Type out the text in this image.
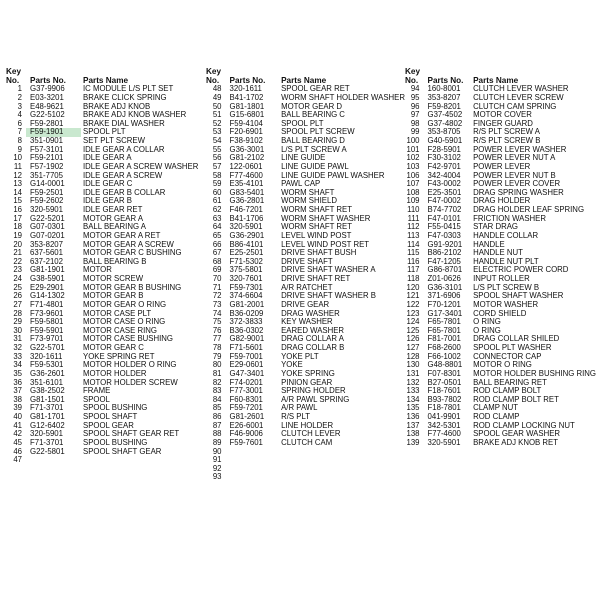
Key		
No.	Parts No.	Parts Name
1	G37-9906	IC MODULE L/S PLT SET
2	E03-3201	BRAKE CLICK SPRING
3	E48-9621	BRAKE ADJ KNOB
4	G22-5102	BRAKE ADJ KNOB WASHER
6	F59-2801	BRAKE DIAL WASHER
7	F59-1901	SPOOL PLT
8	351-0901	SET PLT SCREW
9	F57-3101	IDLE GEAR A COLLAR
10	F59-2101	IDLE GEAR A
11	F57-1902	IDLE GEAR A SCREW WASHER
12	351-7705	IDLE GEAR A SCREW
13	G14-0001	IDLE GEAR C
14	F59-2501	IDLE GEAR B COLLAR
15	F59-2602	IDLE GEAR B
16	320-5901	IDLE GEAR RET
17	G22-5201	MOTOR GEAR A
18	G07-0301	BALL BEARING A
19	G07-0201	MOTOR GEAR A RET
20	353-8207	MOTOR GEAR A SCREW
21	637-5601	MOTOR GEAR C BUSHING
22	637-2102	BALL BEARING B
23	G81-1901	MOTOR
24	G38-5901	MOTOR SCREW
25	E29-2901	MOTOR GEAR B BUSHING
26	G14-1302	MOTOR GEAR B
27	F71-4801	MOTOR GEAR O RING
28	F73-9601	MOTOR CASE PLT
29	F59-5801	MOTOR CASE O RING
30	F59-5901	MOTOR CASE RING
31	F73-9701	MOTOR CASE BUSHING
32	G22-5701	MOTOR GEAR C
33	320-1611	YOKE SPRING RET
34	F59-5301	MOTOR HOLDER O RING
35	G36-2601	MOTOR HOLDER
36	351-6101	MOTOR HOLDER SCREW
37	G38-2502	FRAME
38	G81-1501	SPOOL
39	F71-3701	SPOOL BUSHING
40	G81-1701	SPOOL SHAFT
41	G12-6402	SPOOL GEAR
42	320-5901	SPOOL SHAFT GEAR RET
45	F71-3701	SPOOL BUSHING
46	G22-5801	SPOOL SHAFT GEAR
47		
Key		
No.	Parts No.	Parts Name
48	320-1611	SPOOL GEAR RET
49	B41-1702	WORM SHAFT HOLDER WASHER
50	G81-1801	MOTOR GEAR D
51	G15-6801	BALL BEARING C
52	F59-4104	SPOOL PLT
53	F20-6901	SPOOL PLT SCREW
54	F38-9102	BALL BEARING D
55	G36-3001	L/S PLT SCREW A
56	G81-2102	LINE GUIDE
57	122-0601	LINE GUIDE PAWL
58	F77-4600	LINE GUIDE PAWL WASHER
59	E35-4101	PAWL CAP
60	G83-5401	WORM SHAFT
61	G36-2801	WORM SHIELD
62	F46-7201	WORM SHAFT RET
63	B41-1706	WORM SHAFT WASHER
64	320-5901	WORM SHAFT RET
65	G36-2901	LEVEL WIND POST
66	B86-4101	LEVEL WIND POST RET
67	E25-2501	DRIVE SHAFT BUSH
68	F71-5302	DRIVE SHAFT
69	375-5801	DRIVE SHAFT WASHER A
70	320-7601	DRIVE SHAFT RET
71	F59-7301	A/R RATCHET
72	374-6604	DRIVE SHAFT WASHER B
73	G81-2001	DRIVE GEAR
74	B36-0209	DRAG WASHER
75	372-3833	KEY WASHER
76	B36-0302	EARED WASHER
77	G82-9001	DRAG COLLAR A
78	F71-5601	DRAG COLLAR B
79	F59-7001	YOKE PLT
80	E29-0601	YOKE
81	G47-3401	YOKE SPRING
82	F74-0201	PINION GEAR
83	F77-3001	SPRING HOLDER
84	F60-8301	A/R PAWL SPRING
85	F59-7201	A/R PAWL
86	G81-2601	R/S PLT
87	E26-6001	LINE HOLDER
88	F46-9006	CLUTCH LEVER
89	F59-7601	CLUTCH CAM
90		
91		
92		
93		
Key		
No.	Parts No.	Parts Name
94	160-8001	CLUTCH LEVER WASHER
95	353-8207	CLUTCH LEVER SCREW
96	F59-8201	CLUTCH CAM SPRING
97	G37-4502	MOTOR COVER
98	G37-4802	FINGER GUARD
99	353-8705	R/S PLT SCREW A
100	G40-5901	R/S PLT SCREW B
101	F28-5901	POWER LEVER WASHER
102	F30-3102	POWER LEVER NUT A
103	F42-9701	POWER LEVER
106	342-4004	POWER LEVER NUT B
107	F43-0002	POWER LEVER COVER
108	E25-3501	DRAG SPRING WASHER
109	F47-0002	DRAG HOLDER
110	B74-7702	DRAG HOLDER LEAF SPRING
111	F47-0101	FRICTION WASHER
112	F55-0415	STAR DRAG
113	F47-0303	HANDLE COLLAR
114	G91-9201	HANDLE
115	B86-2102	HANDLE NUT
116	F47-1205	HANDLE NUT PLT
117	G86-8701	ELECTRIC POWER CORD
118	Z01-0626	INPUT ROLLER
120	G36-3101	L/S PLT SCREW B
121	371-6906	SPOOL SHAFT WASHER
122	F70-1201	MOTOR WASHER
123	G17-3401	CORD SHIELD
124	F65-7801	O RING
125	F65-7801	O RING
126	F81-7001	DRAG COLLAR SHILED
127	F68-2600	SPOOL PLT WASHER
128	F66-1002	CONNECTOR CAP
130	G48-8801	MOTOR O RING
131	F07-8301	MOTOR HOLDER BUSHING RING
132	B27-0501	BALL BEARING RET
133	F18-7601	ROD CLAMP BOLT
134	B93-7802	ROD CLAMP BOLT RET
135	F18-7801	CLAMP NUT
136	041-9901	ROD CLAMP
137	342-5301	ROD CLAMP LOCKING NUT
138	F77-4600	SPOOL GEAR WASHER
139	320-5901	BRAKE ADJ KNOB RET
